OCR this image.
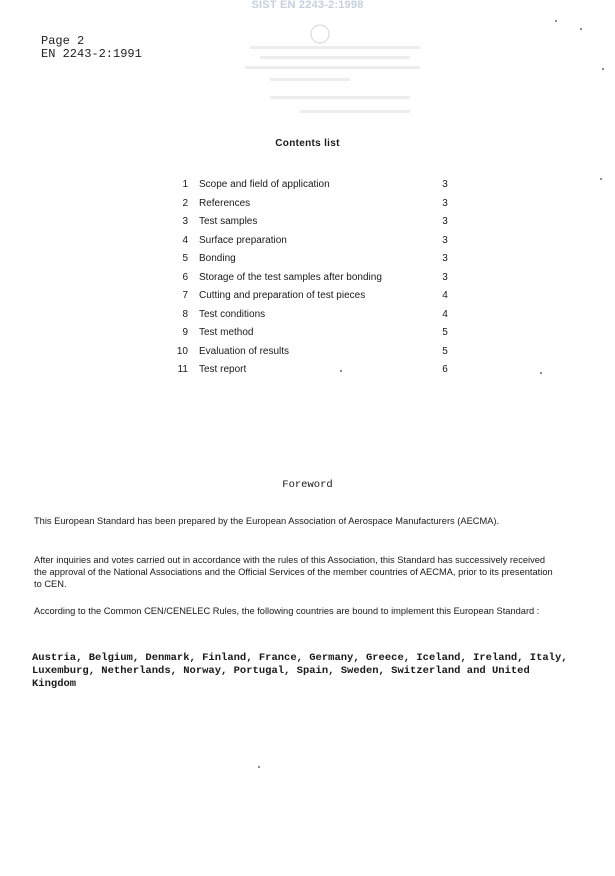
SIST EN 2243-2:1998
Page 2
EN 2243-2:1991
Contents list
1 Scope and field of application	3
2 References	3
3 Test samples	3
4 Surface preparation	3
5 Bonding	3
6 Storage of the test samples after bonding	3
7 Cutting and preparation of test pieces	4
8 Test conditions	4
9 Test method	5
10 Evaluation of results	5
11 Test report	6
Foreword
This European Standard has been prepared by the European Association of Aerospace Manufacturers (AECMA).
After inquiries and votes carried out in accordance with the rules of this Association, this Standard has successively received the approval of the National Associations and the Official Services of the member countries of AECMA, prior to its presentation to CEN.
According to the Common CEN/CENELEC Rules, the following countries are bound to implement this European Standard :
Austria, Belgium, Denmark, Finland, France, Germany, Greece, Iceland, Ireland, Italy, Luxemburg, Netherlands, Norway, Portugal, Spain, Sweden, Switzerland and United Kingdom
